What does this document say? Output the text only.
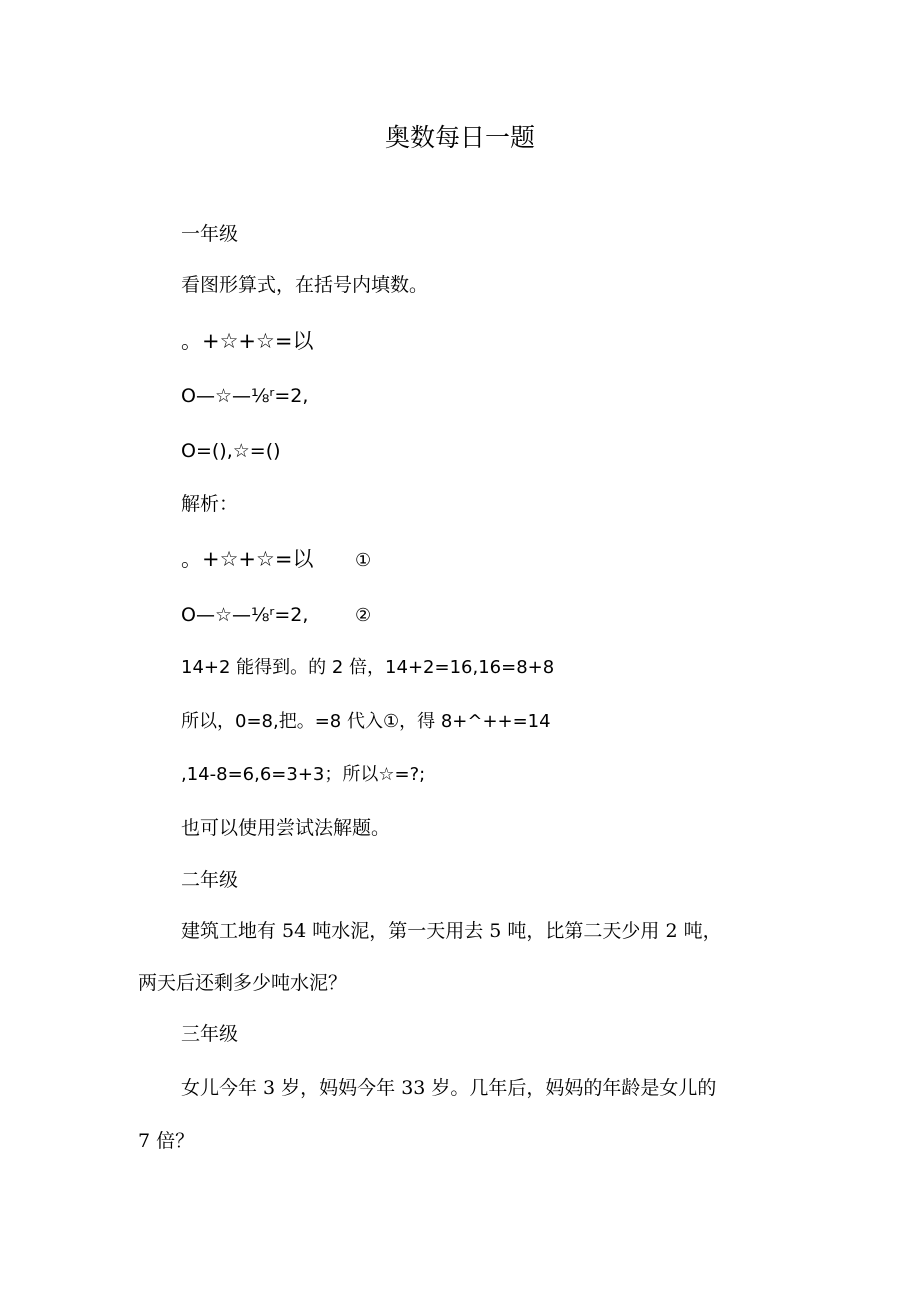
奥数每日一题
一年级
看图形算式，在括号内填数。
。+☆+☆=以
O—☆—⅛ʳ=2,
O=(),☆=()
解析：
。+☆+☆=以 ①
O—☆—⅛ʳ=2,	②
14+2 能得到。的 2 倍，14+2=16,16=8+8
所以，0=8,把。=8 代入①，得 8+^++=14
,14-8=6,6=3+3；所以☆=?;
也可以使用尝试法解题。
二年级
建筑工地有 54 吨水泥，第一天用去 5 吨，比第二天少用 2 吨，
两天后还剩多少吨水泥？
三年级
女儿今年 3 岁，妈妈今年 33 岁。几年后，妈妈的年龄是女儿的
7 倍？
